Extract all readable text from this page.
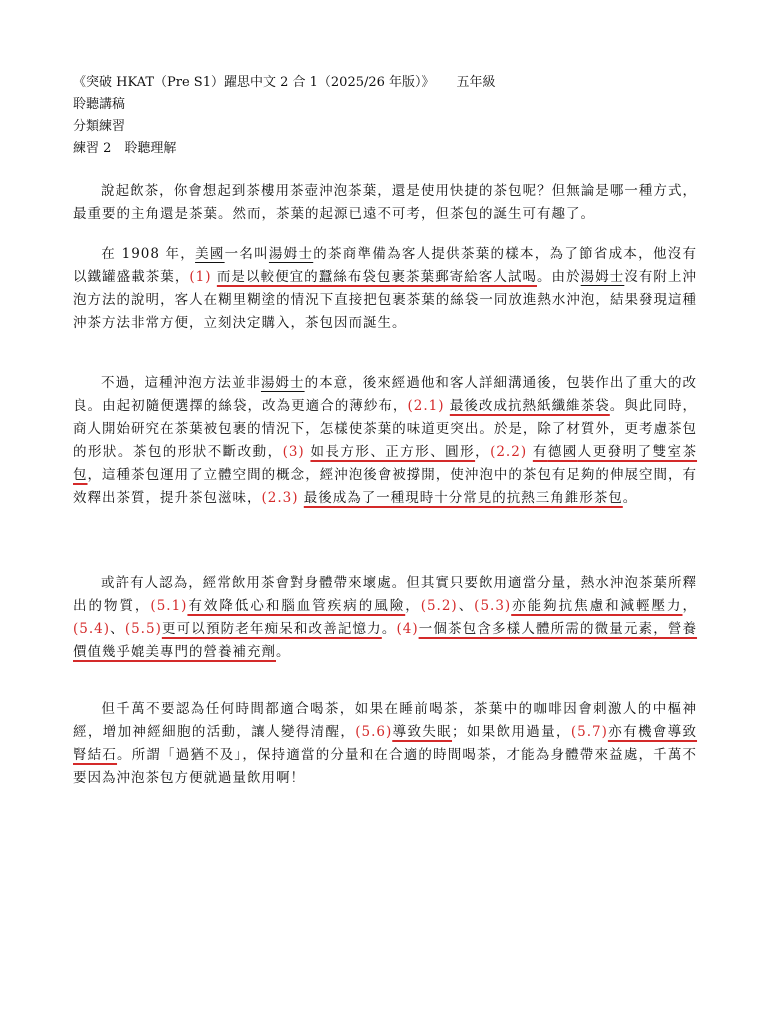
《突破 HKAT（Pre S1）躍思中文 2 合 1（2025/26 年版）》 五年級
聆聽講稿
分類練習
練習 2　聆聽理解
說起飲茶，你會想起到茶樓用茶壺沖泡茶葉，還是使用快捷的茶包呢？但無論是哪一種方式，最重要的主角還是茶葉。然而，茶葉的起源已遠不可考，但茶包的誕生可有趣了。
在 1908 年，美國一名叫湯姆士的茶商準備為客人提供茶葉的樣本，為了節省成本，他沒有以鐵罐盛載茶葉，(1) 而是以較便宜的蠶絲布袋包裹茶葉郵寄給客人試喝。由於湯姆士沒有附上沖泡方法的說明，客人在糊里糊塗的情況下直接把包裹茶葉的絲袋一同放進熱水沖泡，結果發現這種沖茶方法非常方便，立刻決定購入，茶包因而誕生。
不過，這種沖泡方法並非湯姆士的本意，後來經過他和客人詳細溝通後，包裝作出了重大的改良。由起初隨便選擇的絲袋，改為更適合的薄紗布，(2.1) 最後改成抗熱紙纖維茶袋。與此同時，商人開始研究在茶葉被包裹的情況下，怎樣使茶葉的味道更突出。於是，除了材質外，更考慮茶包的形狀。茶包的形狀不斷改動，(3) 如長方形、正方形、圓形，(2.2) 有德國人更發明了雙室茶包，這種茶包運用了立體空間的概念，經沖泡後會被撐開，使沖泡中的茶包有足夠的伸展空間，有效釋出茶質，提升茶包滋味，(2.3) 最後成為了一種現時十分常見的抗熱三角錐形茶包。
或許有人認為，經常飲用茶會對身體帶來壞處。但其實只要飲用適當分量，熱水沖泡茶葉所釋出的物質，(5.1)有效降低心和腦血管疾病的風險，(5.2)、(5.3)亦能夠抗焦慮和減輕壓力，(5.4)、(5.5)更可以預防老年痴呆和改善記憶力。(4)一個茶包含多樣人體所需的微量元素，營養價值幾乎媲美專門的營養補充劑。
但千萬不要認為任何時間都適合喝茶，如果在睡前喝茶，茶葉中的咖啡因會刺激人的中樞神經，增加神經細胞的活動，讓人變得清醒，(5.6)導致失眠；如果飲用過量，(5.7)亦有機會導致腎結石。所謂「過猶不及」，保持適當的分量和在合適的時間喝茶，才能為身體帶來益處，千萬不要因為沖泡茶包方便就過量飲用啊！
